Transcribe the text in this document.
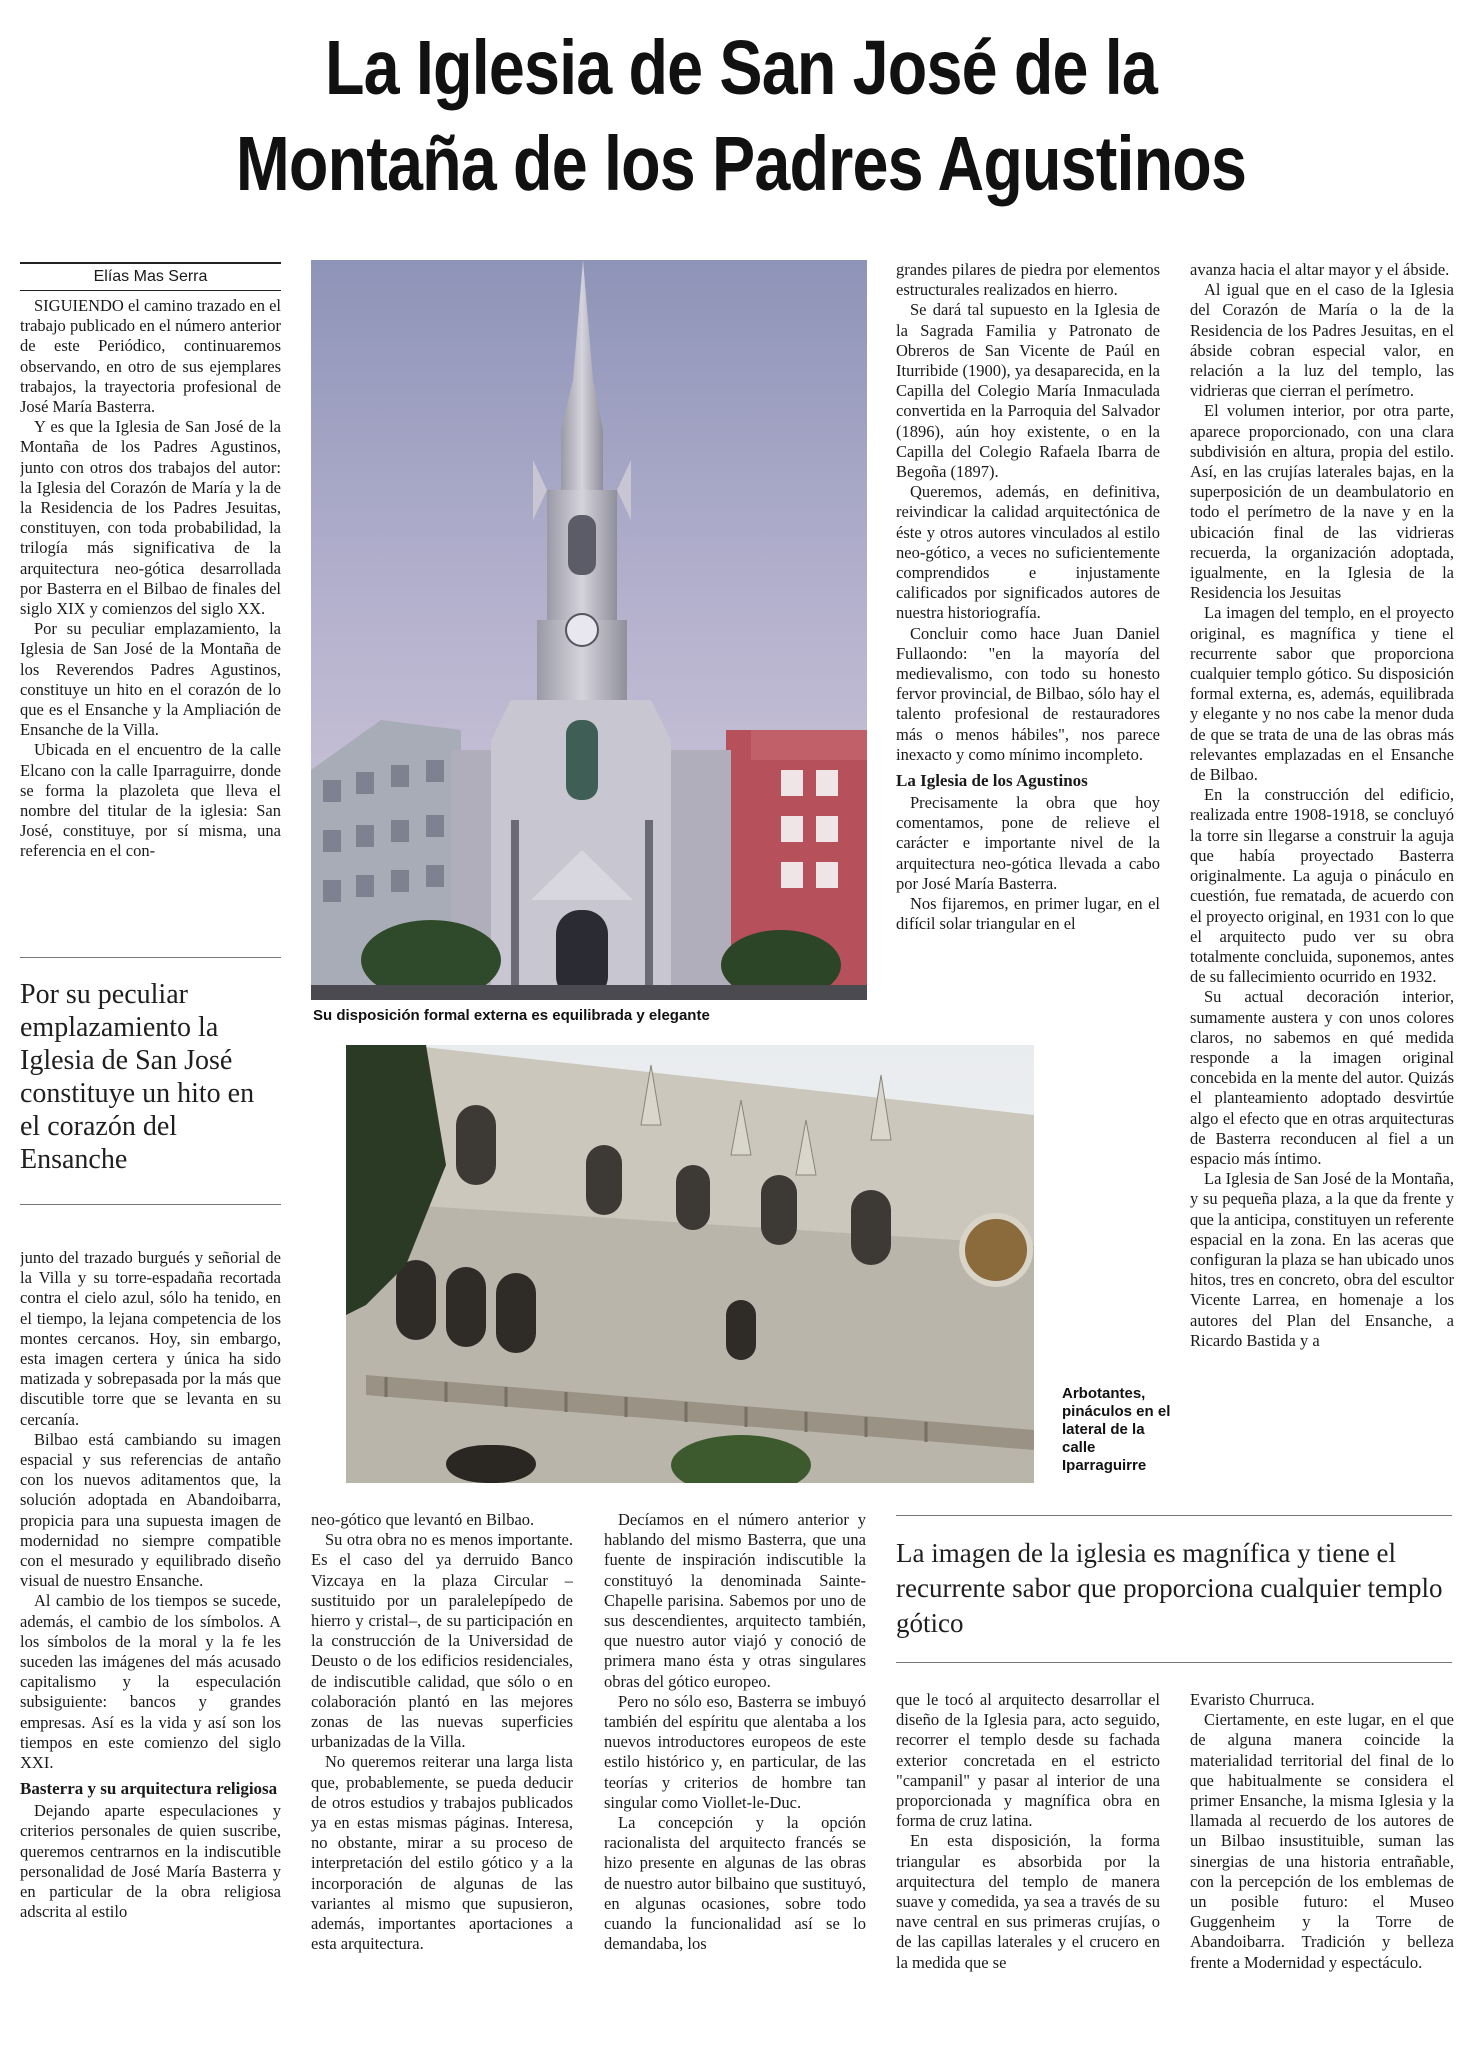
La Iglesia de San José de la
Montaña de los Padres Agustinos
Elías Mas Serra

SIGUIENDO el camino trazado en el trabajo publicado en el número anterior de este Periódico, continuaremos observando, en otro de sus ejemplares trabajos, la trayectoria profesional de José María Basterra.

Y es que la Iglesia de San José de la Montaña de los Padres Agustinos, junto con otros dos trabajos del autor: la Iglesia del Corazón de María y la de la Residencia de los Padres Jesuitas, constituyen, con toda probabilidad, la trilogía más significativa de la arquitectura neo-gótica desarrollada por Basterra en el Bilbao de finales del siglo XIX y comienzos del siglo XX.

Por su peculiar emplazamiento, la Iglesia de San José de la Montaña de los Reverendos Padres Agustinos, constituye un hito en el corazón de lo que es el Ensanche y la Ampliación de Ensanche de la Villa.

Ubicada en el encuentro de la calle Elcano con la calle Iparraguirre, donde se forma la plazoleta que lleva el nombre del titular de la iglesia: San José, constituye, por sí misma, una referencia en el con-

Por su peculiar emplazamiento la Iglesia de San José constituye un hito en el corazón del Ensanche

junto del trazado burgués y señorial de la Villa y su torre-espadaña recortada contra el cielo azul, sólo ha tenido, en el tiempo, la lejana competencia de los montes cercanos. Hoy, sin embargo, esta imagen certera y única ha sido matizada y sobrepasada por la más que discutible torre que se levanta en su cercanía.

Bilbao está cambiando su imagen espacial y sus referencias de antaño con los nuevos aditamentos que, la solución adoptada en Abandoibarra, propicia para una supuesta imagen de modernidad no siempre compatible con el mesurado y equilibrado diseño visual de nuestro Ensanche.

Al cambio de los tiempos se sucede, además, el cambio de los símbolos. A los símbolos de la moral y la fe les suceden las imágenes del más acusado capitalismo y la especulación subsiguiente: bancos y grandes empresas. Así es la vida y así son los tiempos en este comienzo del siglo XXI.

Basterra y su arquitectura religiosa

Dejando aparte especulaciones y criterios personales de quien suscribe, queremos centrarnos en la indiscutible personalidad de José María Basterra y en particular de la obra religiosa adscrita al estilo

Su disposición formal externa es equilibrada y elegante
Arbotantes, pináculos en el lateral de la calle Iparraguirre

grandes pilares de piedra por elementos estructurales realizados en hierro.

Se dará tal supuesto en la Iglesia de la Sagrada Familia y Patronato de Obreros de San Vicente de Paúl en Iturribide (1900), ya desaparecida, en la Capilla del Colegio María Inmaculada convertida en la Parroquia del Salvador (1896), aún hoy existente, o en la Capilla del Colegio Rafaela Ibarra de Begoña (1897).

Queremos, además, en definitiva, reivindicar la calidad arquitectónica de éste y otros autores vinculados al estilo neo-gótico, a veces no suficientemente comprendidos e injustamente calificados por significados autores de nuestra historiografía.

Concluir como hace Juan Daniel Fullaondo: "en la mayoría del medievalismo, con todo su honesto fervor provincial, de Bilbao, sólo hay el talento profesional de restauradores más o menos hábiles", nos parece inexacto y como mínimo incompleto.

La Iglesia de los Agustinos

Precisamente la obra que hoy comentamos, pone de relieve el carácter e importante nivel de la arquitectura neo-gótica llevada a cabo por José María Basterra.

Nos fijaremos, en primer lugar, en el difícil solar triangular en el

avanza hacia el altar mayor y el ábside.

Al igual que en el caso de la Iglesia del Corazón de María o la de la Residencia de los Padres Jesuitas, en el ábside cobran especial valor, en relación a la luz del templo, las vidrieras que cierran el perímetro.

El volumen interior, por otra parte, aparece proporcionado, con una clara subdivisión en altura, propia del estilo. Así, en las crujías laterales bajas, en la superposición de un deambulatorio en todo el perímetro de la nave y en la ubicación final de las vidrieras recuerda, la organización adoptada, igualmente, en la Iglesia de la Residencia los Jesuitas

La imagen del templo, en el proyecto original, es magnífica y tiene el recurrente sabor que proporciona cualquier templo gótico. Su disposición formal externa, es, además, equilibrada y elegante y no nos cabe la menor duda de que se trata de una de las obras más relevantes emplazadas en el Ensanche de Bilbao.

En la construcción del edificio, realizada entre 1908-1918, se concluyó la torre sin llegarse a construir la aguja que había proyectado Basterra originalmente. La aguja o pináculo en cuestión, fue rematada, de acuerdo con el proyecto original, en 1931 con lo que el arquitecto pudo ver su obra totalmente concluida, suponemos, antes de su fallecimiento ocurrido en 1932.

Su actual decoración interior, sumamente austera y con unos colores claros, no sabemos en qué medida responde a la imagen original concebida en la mente del autor. Quizás el planteamiento adoptado desvirtúe algo el efecto que en otras arquitecturas de Basterra reconducen al fiel a un espacio más íntimo.

La Iglesia de San José de la Montaña, y su pequeña plaza, a la que da frente y que la anticipa, constituyen un referente espacial en la zona. En las aceras que configuran la plaza se han ubicado unos hitos, tres en concreto, obra del escultor Vicente Larrea, en homenaje a los autores del Plan del Ensanche, a Ricardo Bastida y a

neo-gótico que levantó en Bilbao.

Su otra obra no es menos importante. Es el caso del ya derruido Banco Vizcaya en la plaza Circular –sustituido por un paralelepípedo de hierro y cristal–, de su participación en la construcción de la Universidad de Deusto o de los edificios residenciales, de indiscutible calidad, que sólo o en colaboración plantó en las mejores zonas de las nuevas superficies urbanizadas de la Villa.

No queremos reiterar una larga lista que, probablemente, se pueda deducir de otros estudios y trabajos publicados ya en estas mismas páginas. Interesa, no obstante, mirar a su proceso de interpretación del estilo gótico y a la incorporación de algunas de las variantes al mismo que supusieron, además, importantes aportaciones a esta arquitectura.

Decíamos en el número anterior y hablando del mismo Basterra, que una fuente de inspiración indiscutible la constituyó la denominada Sainte-Chapelle parisina. Sabemos por uno de sus descendientes, arquitecto también, que nuestro autor viajó y conoció de primera mano ésta y otras singulares obras del gótico europeo.

Pero no sólo eso, Basterra se imbuyó también del espíritu que alentaba a los nuevos introductores europeos de este estilo histórico y, en particular, de las teorías y criterios de hombre tan singular como Viollet-le-Duc.

La concepción y la opción racionalista del arquitecto francés se hizo presente en algunas de las obras de nuestro autor bilbaino que sustituyó, en algunas ocasiones, sobre todo cuando la funcionalidad así se lo demandaba, los

La imagen de la iglesia es magnífica y tiene el recurrente sabor que proporciona cualquier templo gótico

que le tocó al arquitecto desarrollar el diseño de la Iglesia para, acto seguido, recorrer el templo desde su fachada exterior concretada en el estricto "campanil" y pasar al interior de una proporcionada y magnífica obra en forma de cruz latina.

En esta disposición, la forma triangular es absorbida por la arquitectura del templo de manera suave y comedida, ya sea a través de su nave central en sus primeras crujías, o de las capillas laterales y el crucero en la medida que se

Evaristo Churruca.

Ciertamente, en este lugar, en el que de alguna manera coincide la materialidad territorial del final de lo que habitualmente se considera el primer Ensanche, la misma Iglesia y la llamada al recuerdo de los autores de un Bilbao insustituible, suman las sinergias de una historia entrañable, con la percepción de los emblemas de un posible futuro: el Museo Guggenheim y la Torre de Abandoibarra. Tradición y belleza frente a Modernidad y espectáculo.
